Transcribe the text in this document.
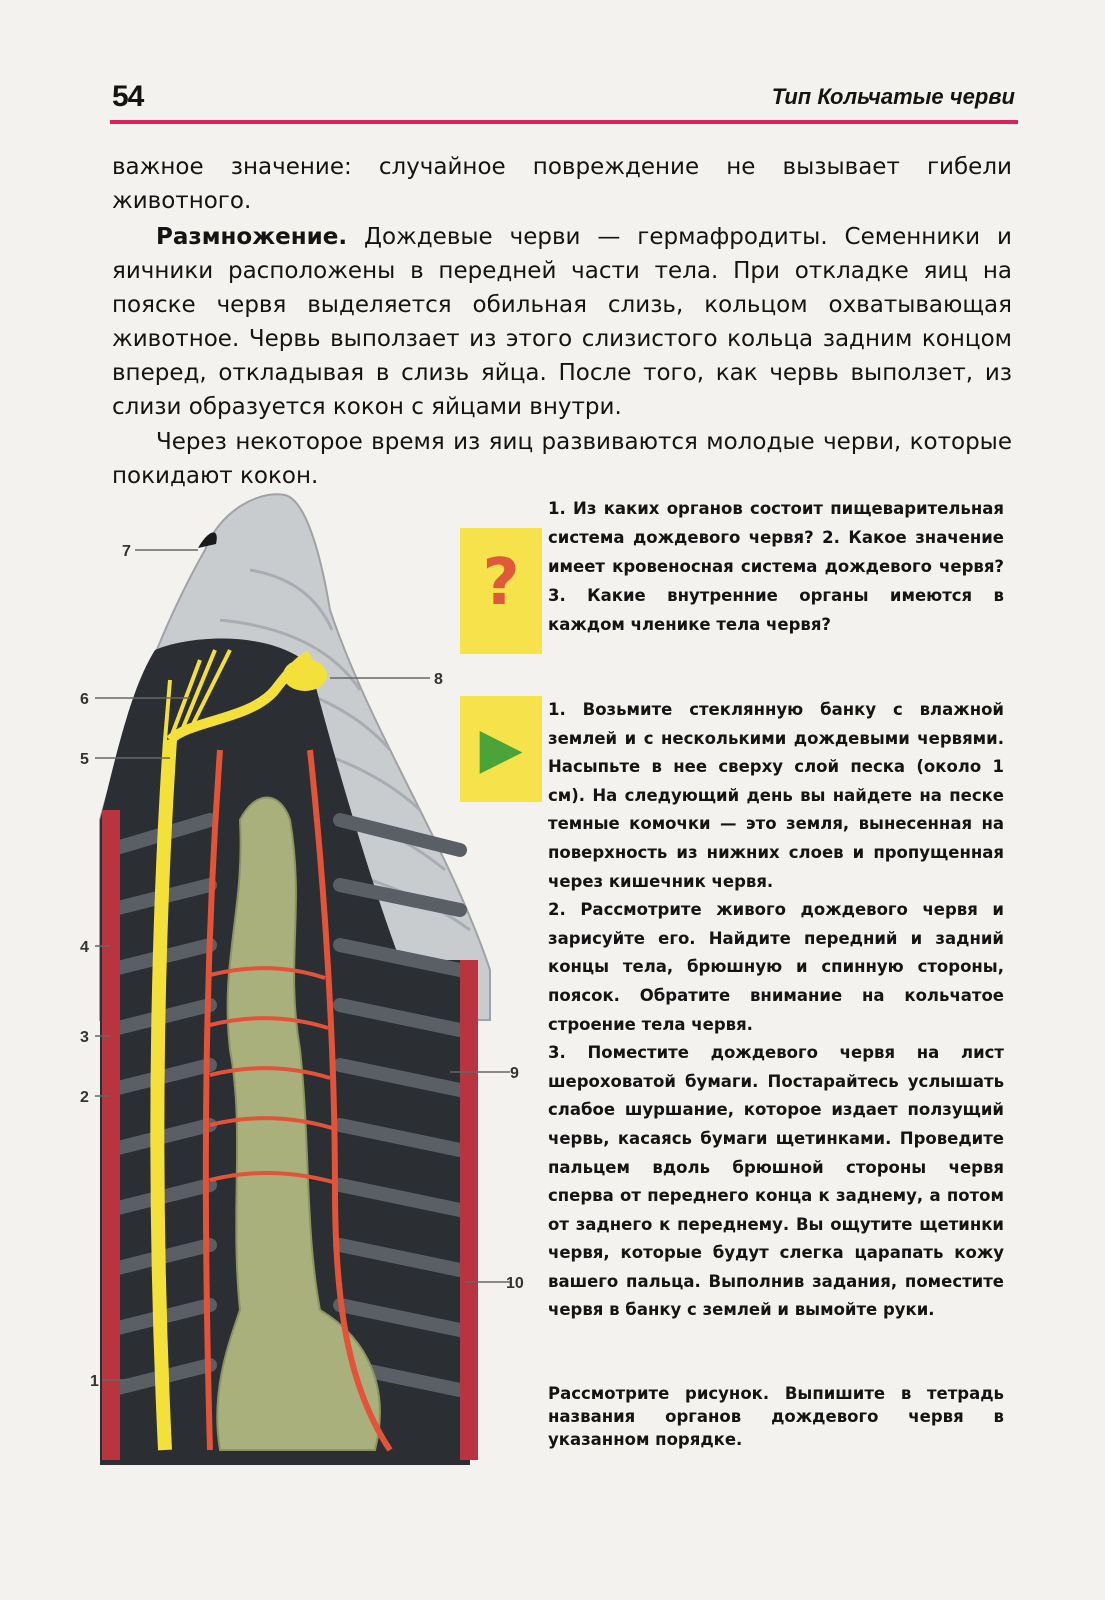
54	Тип Кольчатые черви

важное значение: случайное повреждение не вызывает гибели животного.

Размножение. Дождевые черви — гермафродиты. Семенники и яичники расположены в передней части тела. При откладке яиц на пояске червя выделяется обильная слизь, кольцом охватывающая животное. Червь выползает из этого слизистого кольца задним концом вперед, откладывая в слизь яйца. После того, как червь выползет, из слизи образуется кокон с яйцами внутри.

Через некоторое время из яиц развиваются молодые черви, которые покидают кокон.

7
8
6
5
4
3
2
9
10
1
?

1. Из каких органов состоит пищеварительная система дождевого червя? 2. Какое значение имеет кровеносная система дождевого червя? 3. Какие внутренние органы имеются в каждом членике тела червя?

▶

1. Возьмите стеклянную банку с влажной землей и с несколькими дождевыми червями. Насыпьте в нее сверху слой песка (около 1 см). На следующий день вы найдете на песке темные комочки — это земля, вынесенная на поверхность из нижних слоев и пропущенная через кишечник червя.

2. Рассмотрите живого дождевого червя и зарисуйте его. Найдите передний и задний концы тела, брюшную и спинную стороны, поясок. Обратите внимание на кольчатое строение тела червя.

3. Поместите дождевого червя на лист шероховатой бумаги. Постарайтесь услышать слабое шуршание, которое издает ползущий червь, касаясь бумаги щетинками. Проведите пальцем вдоль брюшной стороны червя сперва от переднего конца к заднему, а потом от заднего к переднему. Вы ощутите щетинки червя, которые будут слегка царапать кожу вашего пальца. Выполнив задания, поместите червя в банку с землей и вымойте руки.

Рассмотрите рисунок. Выпишите в тетрадь названия органов дождевого червя в указанном порядке.
